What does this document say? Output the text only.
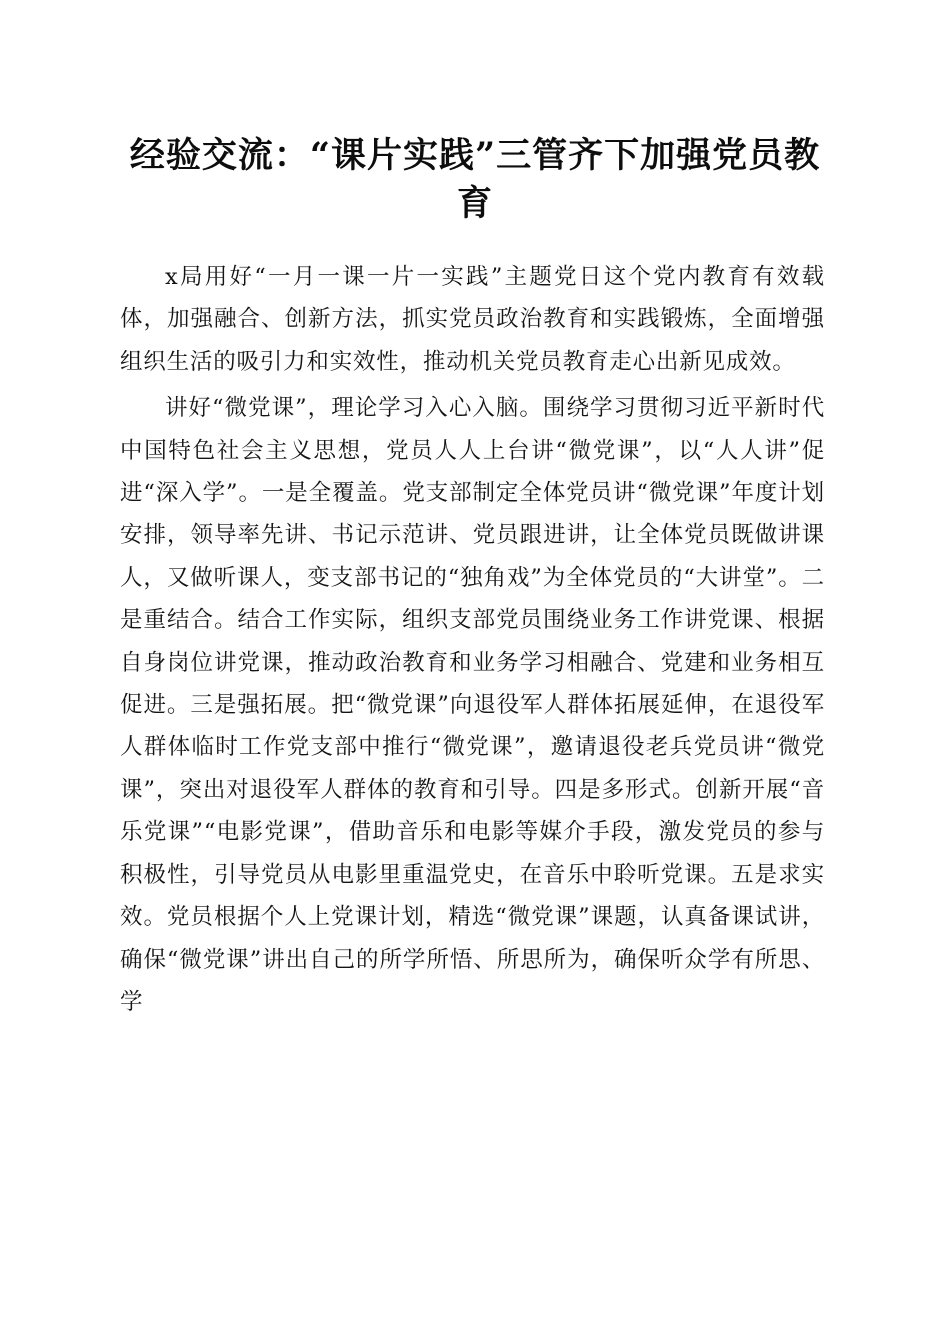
经验交流：“课片实践”三管齐下加强党员教育

x局用好“一月一课一片一实践”主题党日这个党内教育有效载体，加强融合、创新方法，抓实党员政治教育和实践锻炼，全面增强组织生活的吸引力和实效性，推动机关党员教育走心出新见成效。

讲好“微党课”，理论学习入心入脑。围绕学习贯彻习近平新时代中国特色社会主义思想，党员人人上台讲“微党课”，以“人人讲”促进“深入学”。一是全覆盖。党支部制定全体党员讲“微党课”年度计划安排，领导率先讲、书记示范讲、党员跟进讲，让全体党员既做讲课人，又做听课人，变支部书记的“独角戏”为全体党员的“大讲堂”。二是重结合。结合工作实际，组织支部党员围绕业务工作讲党课、根据自身岗位讲党课，推动政治教育和业务学习相融合、党建和业务相互促进。三是强拓展。把“微党课”向退役军人群体拓展延伸，在退役军人群体临时工作党支部中推行“微党课”，邀请退役老兵党员讲“微党课”，突出对退役军人群体的教育和引导。四是多形式。创新开展“音乐党课”“电影党课”，借助音乐和电影等媒介手段，激发党员的参与积极性，引导党员从电影里重温党史，在音乐中聆听党课。五是求实效。党员根据个人上党课计划，精选“微党课”课题，认真备课试讲，确保“微党课”讲出自己的所学所悟、所思所为，确保听众学有所思、学
